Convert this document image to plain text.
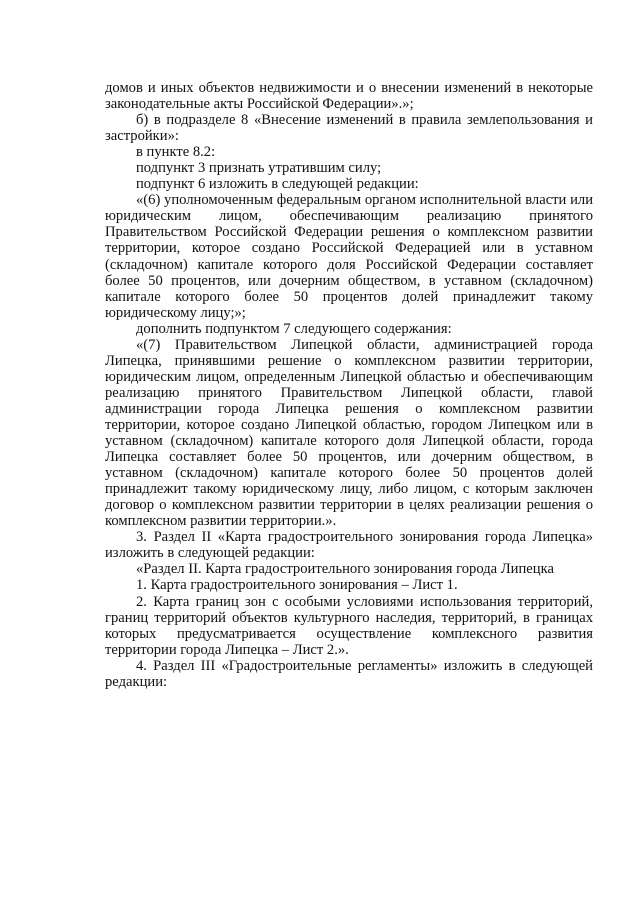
домов и иных объектов недвижимости и о внесении изменений в некоторые законодательные акты Российской Федерации».»;

б) в подразделе 8 «Внесение изменений в правила землепользования и застройки»:

в пункте 8.2:

подпункт 3 признать утратившим силу;

подпункт 6 изложить в следующей редакции:

«(6) уполномоченным федеральным органом исполнительной власти или юридическим лицом, обеспечивающим реализацию принятого Правительством Российской Федерации решения о комплексном развитии территории, которое создано Российской Федерацией или в уставном (складочном) капитале которого доля Российской Федерации составляет более 50 процентов, или дочерним обществом, в уставном (складочном) капитале которого более 50 процентов долей принадлежит такому юридическому лицу;»;

дополнить подпунктом 7 следующего содержания:

«(7) Правительством Липецкой области, администрацией города Липецка, принявшими решение о комплексном развитии территории, юридическим лицом, определенным Липецкой областью и обеспечивающим реализацию принятого Правительством Липецкой области, главой администрации города Липецка решения о комплексном развитии территории, которое создано Липецкой областью, городом Липецком или в уставном (складочном) капитале которого доля Липецкой области, города Липецка составляет более 50 процентов, или дочерним обществом, в уставном (складочном) капитале которого более 50 процентов долей принадлежит такому юридическому лицу, либо лицом, с которым заключен договор о комплексном развитии территории в целях реализации решения о комплексном развитии территории.».

3. Раздел II «Карта градостроительного зонирования города Липецка» изложить в следующей редакции:

«Раздел II. Карта градостроительного зонирования города Липецка

1. Карта градостроительного зонирования – Лист 1.

2. Карта границ зон с особыми условиями использования территорий, границ территорий объектов культурного наследия, территорий, в границах которых предусматривается осуществление комплексного развития территории города Липецка – Лист 2.».

4. Раздел III «Градостроительные регламенты» изложить в следующей редакции:
